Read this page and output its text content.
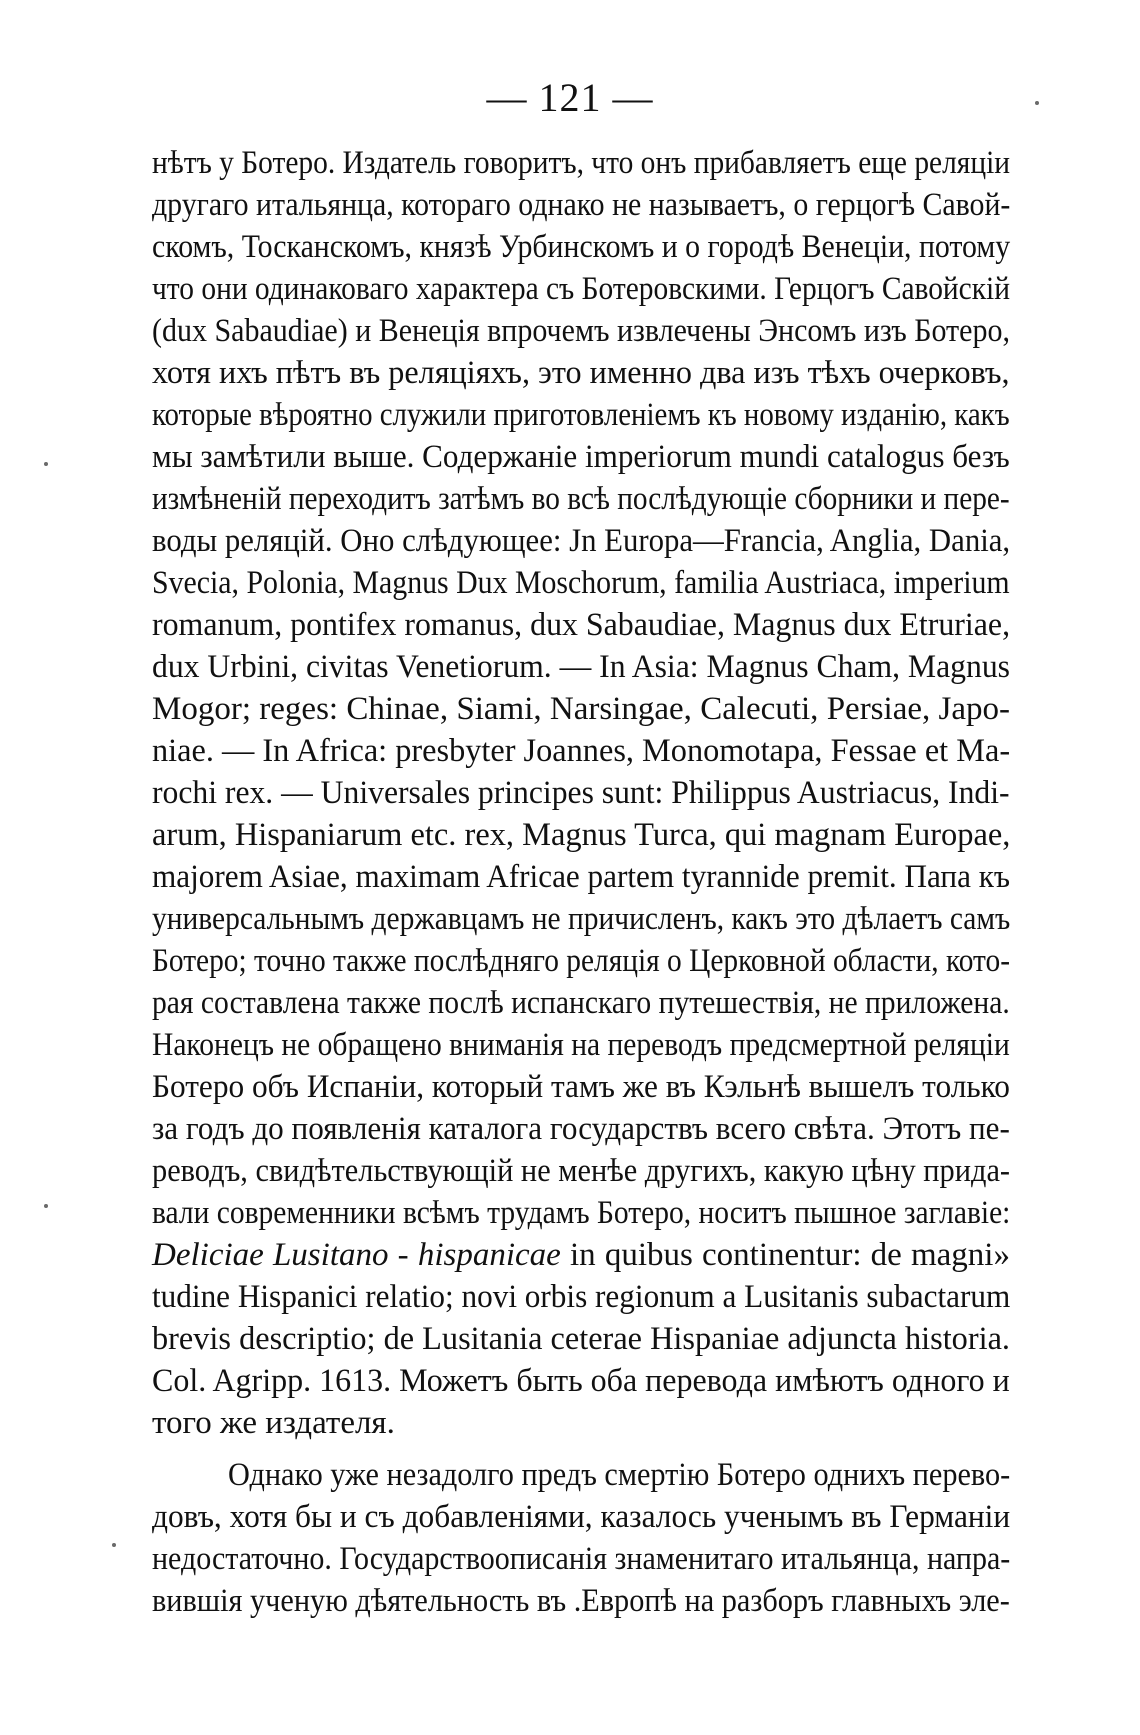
— 121 —
нѣтъ у Ботеро. Издатель говоритъ, что онъ прибавляетъ еще реляціи
другаго итальянца, котораго однако не называетъ, о герцогѣ Савой-
скомъ, Тосканскомъ, князѣ Урбинскомъ и о городѣ Венеціи, потому
что они одинаковаго характера съ Ботеровскими. Герцогъ Савойскій
(dux Sabaudiae) и Венеція впрочемъ извлечены Энсомъ изъ Ботеро,
хотя ихъ пѣтъ въ реляціяхъ, это именно два изъ тѣхъ очерковъ,
которые вѣроятно служили приготовленіемъ къ новому изданію, какъ
мы замѣтили выше. Содержаніе imperiorum mundi catalogus безъ
измѣненій переходитъ затѣмъ во всѣ послѣдующіе сборники и пере-
воды реляцій. Оно слѣдующее: Jn Europa—Francia, Anglia, Dania,
Svecia, Polonia, Magnus Dux Moschorum, familia Austriaca, imperium
romanum, pontifex romanus, dux Sabaudiae, Magnus dux Etruriae,
dux Urbini, civitas Venetiorum. — In Asia: Magnus Cham, Magnus
Mogor; reges: Chinae, Siami, Narsingae, Calecuti, Persiae, Japo-
niae. — In Africa: presbyter Joannes, Monomotapa, Fessae et Ma-
rochi rex. — Universales principes sunt: Philippus Austriacus, Indi-
arum, Hispaniarum etc. rex, Magnus Turca, qui magnam Europae,
majorem Asiae, maximam Africae partem tyrannide premit. Папа къ
универсальнымъ державцамъ не причисленъ, какъ это дѣлаетъ самъ
Ботеро; точно также послѣдняго реляція о Церковной области, кото-
рая составлена также послѣ испанскаго путешествія, не приложена.
Наконецъ не обращено вниманія на переводъ предсмертной реляціи
Ботеро объ Испаніи, который тамъ же въ Кэльнѣ вышелъ только
за годъ до появленія каталога государствъ всего свѣта. Этотъ пе-
реводъ, свидѣтельствующій не менѣе другихъ, какую цѣну прида-
вали современники всѣмъ трудамъ Ботеро, носитъ пышное заглавіе:
Deliciae Lusitano - hispanicae in quibus continentur: de magni»
tudine Hispanici relatio; novi orbis regionum a Lusitanis subactarum
brevis descriptio; de Lusitania ceterae Hispaniae adjuncta historia.
Col. Agripp. 1613. Можетъ быть оба перевода имѣютъ одного и
того же издателя.
Однако уже незадолго предъ смертію Ботеро однихъ перево-
довъ, хотя бы и съ добавленіями, казалось ученымъ въ Германіи
недостаточно. Государствоописанія знаменитаго итальянца, напра-
вившія ученую дѣятельность въ .Европѣ на разборъ главныхъ эле-
